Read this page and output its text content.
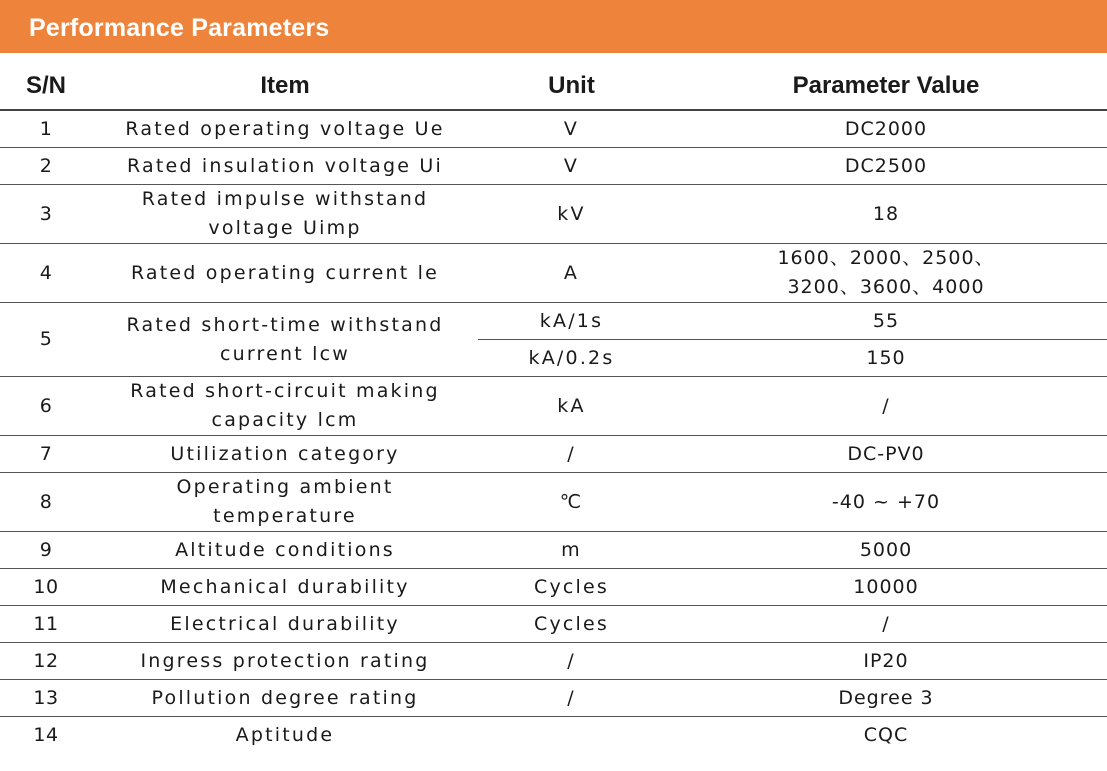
Performance Parameters
S/N	Item	Unit	Parameter Value
1	Rated operating voltage Ue	V	DC2000
2	Rated insulation voltage Ui	V	DC2500
3	Rated impulse withstand
voltage Uimp	kV	18
4	Rated operating current le	A	1600、2000、2500、
3200、3600、4000
5	Rated short-time withstand
current lcw	kA/1s	55
		kA/0.2s	150
6	Rated short-circuit making
capacity lcm	kA	/
7	Utilization category	/	DC-PV0
8	Operating ambient
temperature	℃	-40 ~ +70
9	Altitude conditions	m	5000
10	Mechanical durability	Cycles	10000
11	Electrical durability	Cycles	/
12	Ingress protection rating	/	IP20
13	Pollution degree rating	/	Degree 3
14	Aptitude		CQC
